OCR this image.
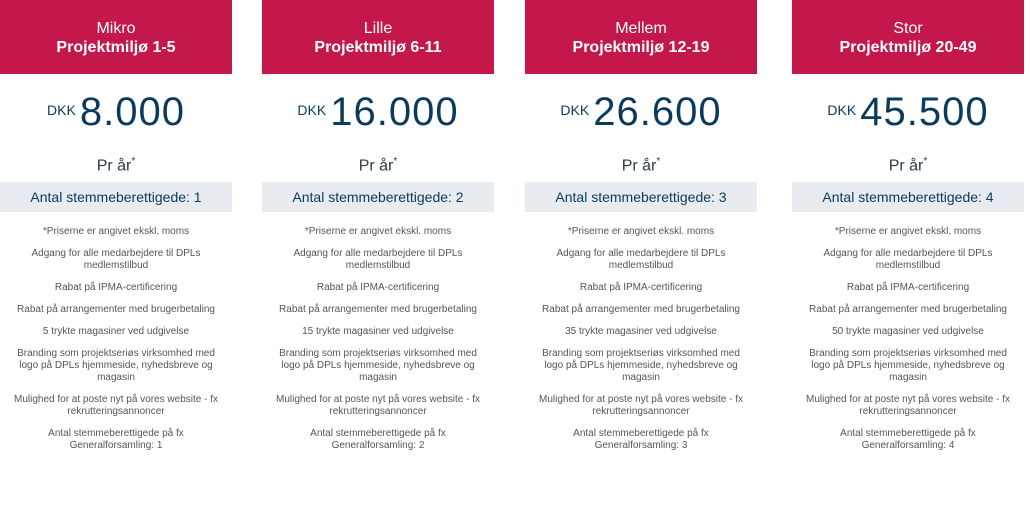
Mikro
Projektmiljø 1-5
DKK 8.000
Pr år*
Antal stemmeberettigede: 1
*Priserne er angivet ekskl. moms
Adgang for alle medarbejdere til DPLs medlemstilbud
Rabat på IPMA-certificering
Rabat på arrangementer med brugerbetaling
5 trykte magasiner ved udgivelse
Branding som projektseriøs virksomhed med logo på DPLs hjemmeside, nyhedsbreve og magasin
Mulighed for at poste nyt på vores website - fx rekrutteringsannoncer
Antal stemmeberettigede på fx Generalforsamling: 1
Lille
Projektmiljø 6-11
DKK 16.000
Pr år*
Antal stemmeberettigede: 2
*Priserne er angivet ekskl. moms
Adgang for alle medarbejdere til DPLs medlemstilbud
Rabat på IPMA-certificering
Rabat på arrangementer med brugerbetaling
15 trykte magasiner ved udgivelse
Branding som projektseriøs virksomhed med logo på DPLs hjemmeside, nyhedsbreve og magasin
Mulighed for at poste nyt på vores website - fx rekrutteringsannoncer
Antal stemmeberettigede på fx Generalforsamling: 2
Mellem
Projektmiljø 12-19
DKK 26.600
Pr år*
Antal stemmeberettigede: 3
*Priserne er angivet ekskl. moms
Adgang for alle medarbejdere til DPLs medlemstilbud
Rabat på IPMA-certificering
Rabat på arrangementer med brugerbetaling
35 trykte magasiner ved udgivelse
Branding som projektseriøs virksomhed med logo på DPLs hjemmeside, nyhedsbreve og magasin
Mulighed for at poste nyt på vores website - fx rekrutteringsannoncer
Antal stemmeberettigede på fx Generalforsamling: 3
Stor
Projektmiljø 20-49
DKK 45.500
Pr år*
Antal stemmeberettigede: 4
*Priserne er angivet ekskl. moms
Adgang for alle medarbejdere til DPLs medlemstilbud
Rabat på IPMA-certificering
Rabat på arrangementer med brugerbetaling
50 trykte magasiner ved udgivelse
Branding som projektseriøs virksomhed med logo på DPLs hjemmeside, nyhedsbreve og magasin
Mulighed for at poste nyt på vores website - fx rekrutteringsannoncer
Antal stemmeberettigede på fx Generalforsamling: 4
